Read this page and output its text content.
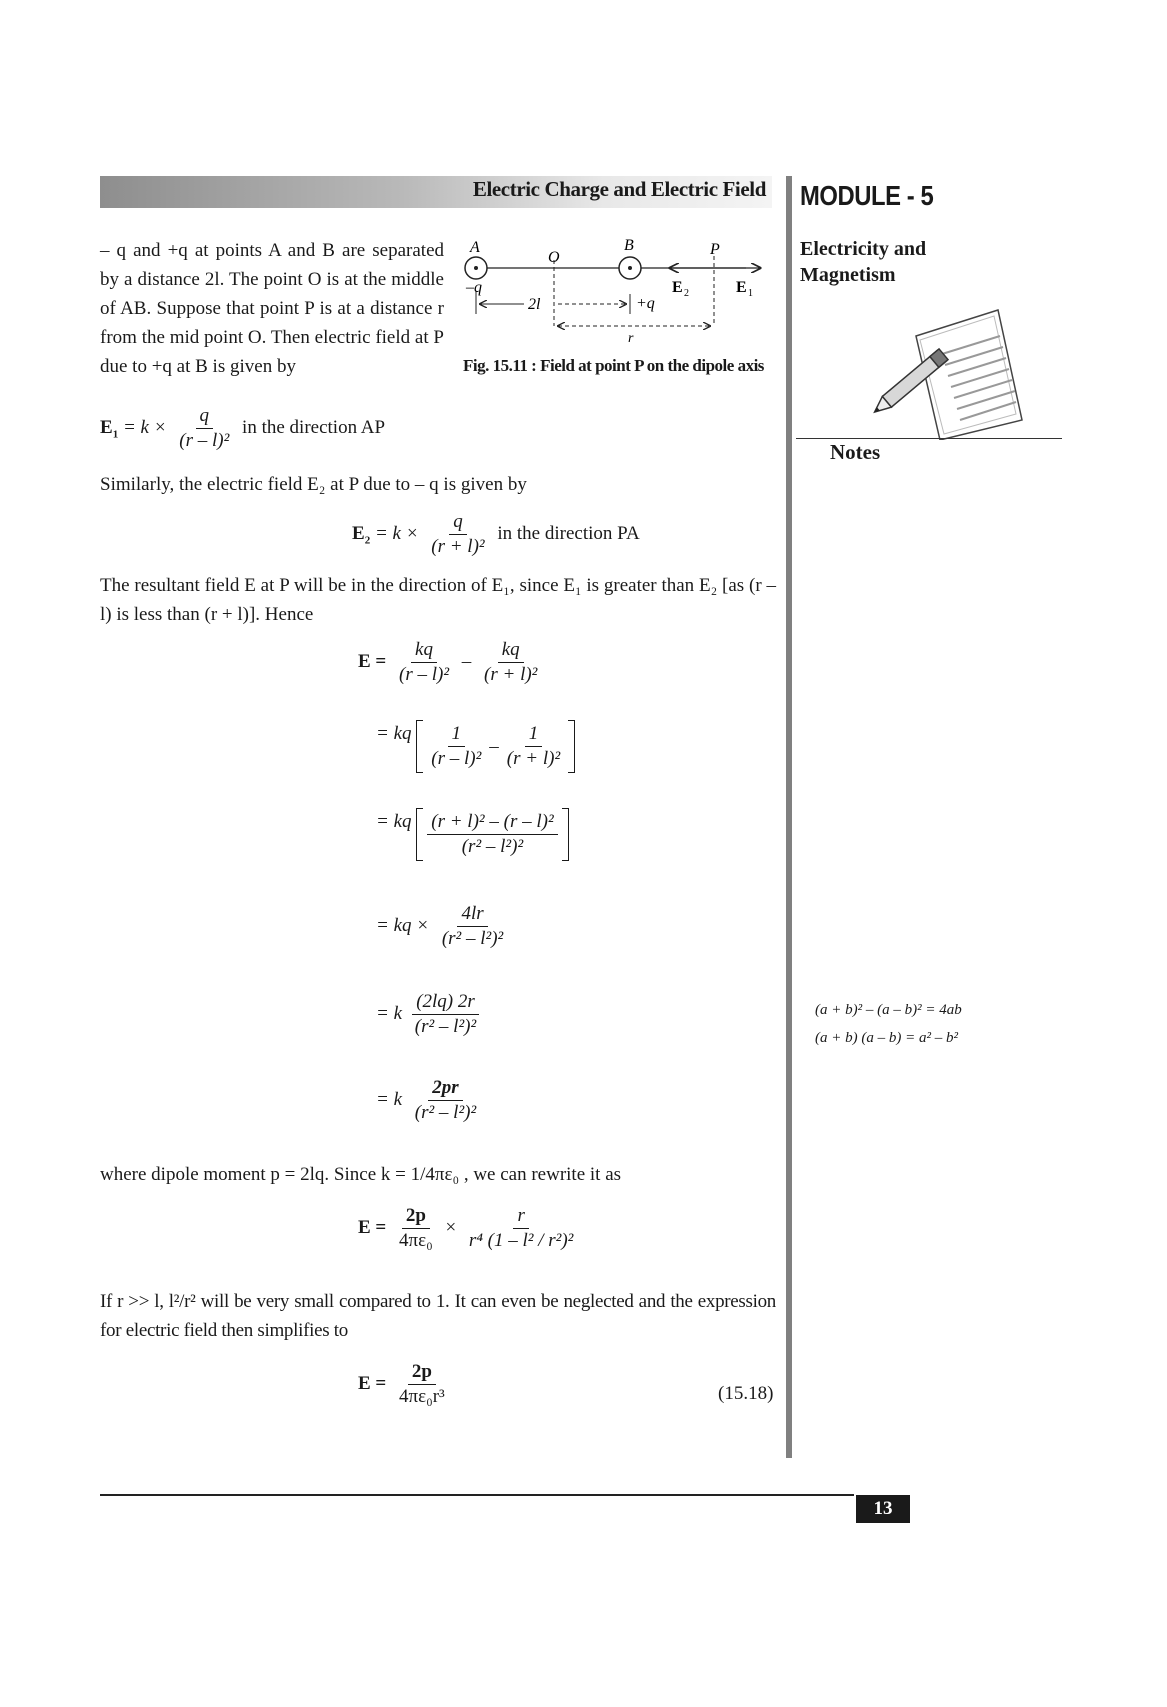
Electric Charge and Electric Field MODULE - 5
Electricity and Magnetism
Notes
(a + b)² – (a – b)² = 4ab
(a + b) (a – b) = a² – b²
– q and +q at points A and B are separated by a distance 2l. The point O is at the middle of AB. Suppose that point P is at a distance r from the mid point O. Then electric field at P due to +q at B is given by
A
O
B	P
–q
+q
2l
r
E 2	E 1
Fig. 15.11 : Field at point P on the dipole axis
$E_1 = k \times \frac{q}{\text{(r – l)²}}$ in the direction AP
Similarly, the electric field E₂ at P due to – q is given by
$E_2 = k \times \frac{q}{\text{(r + l)²}}$ in the direction PA
The resultant field E at P will be in the direction of E₁, since E₁ is greater than E₂ [as (r – l) is less than (r + l)]. Hence
$E = \frac{kq}{\text{(r – l)²}} - \frac{kq}{\text{(r + l)²}}$
= kq $\frac{1}{\text{(r – l)²}} - \frac{1}{\text{(r + l)²}}$
= kq $\frac{\text{(r + l)² – (r – l)²}}{\text{(r² – l²)²}}$
= kq × $\frac{4lr}{\text{(r² – l²)²}}$
= k $\frac{(2lq) 2r}{\text{(r² – l²)²}}$
= k $\frac{2pr}{\text{(r² – l²)²}}$
where dipole moment p = 2lq. Since k = 1/4πε₀ , we can rewrite it as
$E = \frac{2p}{\text{4πε₀}} \times \frac{r}{\text{r⁴ (1 – l² / r²)²}}$
If r >> l, l²/r² will be very small compared to 1. It can even be neglected and the expression for electric field then simplifies to
$E = \frac{2p}{\text{4πε₀r³}}$	(15.18)
13
